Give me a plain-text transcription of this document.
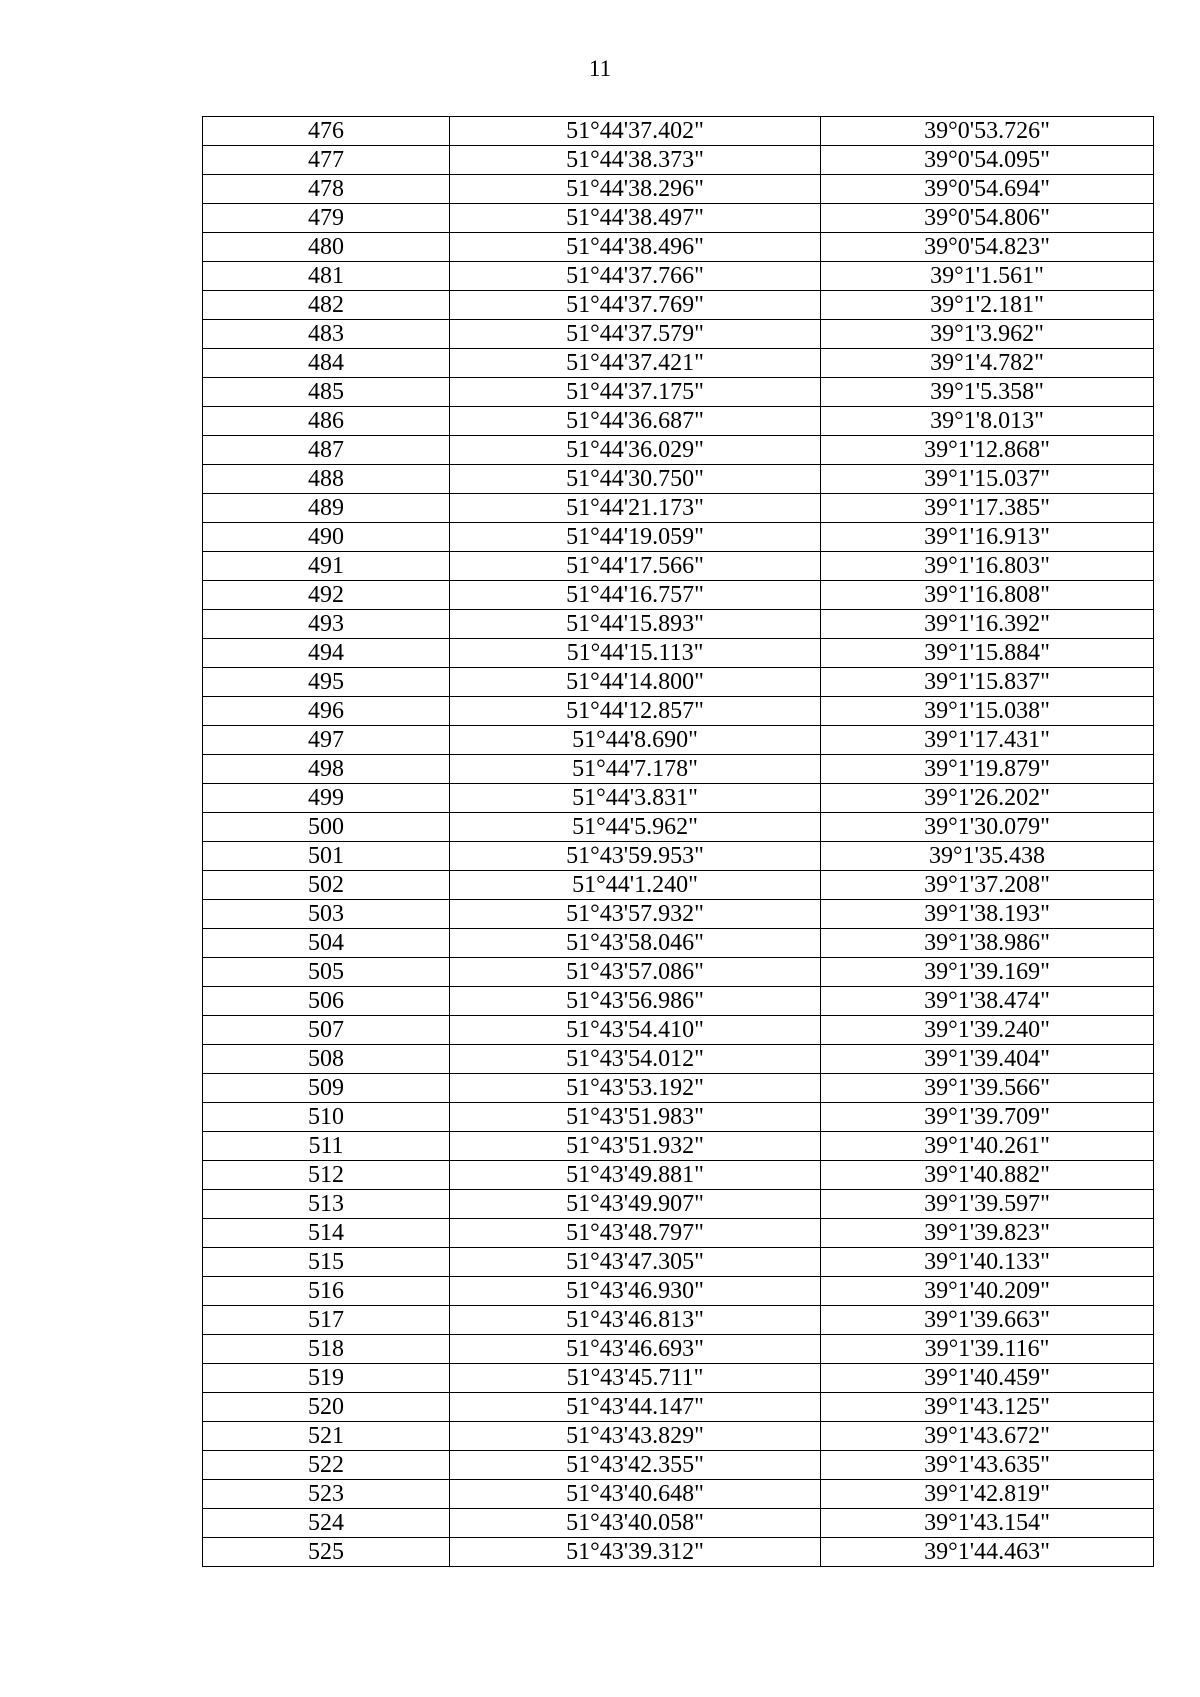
11
476	51°44'37.402"	39°0'53.726"
477	51°44'38.373"	39°0'54.095"
478	51°44'38.296"	39°0'54.694"
479	51°44'38.497"	39°0'54.806"
480	51°44'38.496"	39°0'54.823"
481	51°44'37.766"	39°1'1.561"
482	51°44'37.769"	39°1'2.181"
483	51°44'37.579"	39°1'3.962"
484	51°44'37.421"	39°1'4.782"
485	51°44'37.175"	39°1'5.358"
486	51°44'36.687"	39°1'8.013"
487	51°44'36.029"	39°1'12.868"
488	51°44'30.750"	39°1'15.037"
489	51°44'21.173"	39°1'17.385"
490	51°44'19.059"	39°1'16.913"
491	51°44'17.566"	39°1'16.803"
492	51°44'16.757"	39°1'16.808"
493	51°44'15.893"	39°1'16.392"
494	51°44'15.113"	39°1'15.884"
495	51°44'14.800"	39°1'15.837"
496	51°44'12.857"	39°1'15.038"
497	51°44'8.690"	39°1'17.431"
498	51°44'7.178"	39°1'19.879"
499	51°44'3.831"	39°1'26.202"
500	51°44'5.962"	39°1'30.079"
501	51°43'59.953"	39°1'35.438
502	51°44'1.240"	39°1'37.208"
503	51°43'57.932"	39°1'38.193"
504	51°43'58.046"	39°1'38.986"
505	51°43'57.086"	39°1'39.169"
506	51°43'56.986"	39°1'38.474"
507	51°43'54.410"	39°1'39.240"
508	51°43'54.012"	39°1'39.404"
509	51°43'53.192"	39°1'39.566"
510	51°43'51.983"	39°1'39.709"
511	51°43'51.932"	39°1'40.261"
512	51°43'49.881"	39°1'40.882"
513	51°43'49.907"	39°1'39.597"
514	51°43'48.797"	39°1'39.823"
515	51°43'47.305"	39°1'40.133"
516	51°43'46.930"	39°1'40.209"
517	51°43'46.813"	39°1'39.663"
518	51°43'46.693"	39°1'39.116"
519	51°43'45.711"	39°1'40.459"
520	51°43'44.147"	39°1'43.125"
521	51°43'43.829"	39°1'43.672"
522	51°43'42.355"	39°1'43.635"
523	51°43'40.648"	39°1'42.819"
524	51°43'40.058"	39°1'43.154"
525	51°43'39.312"	39°1'44.463"
